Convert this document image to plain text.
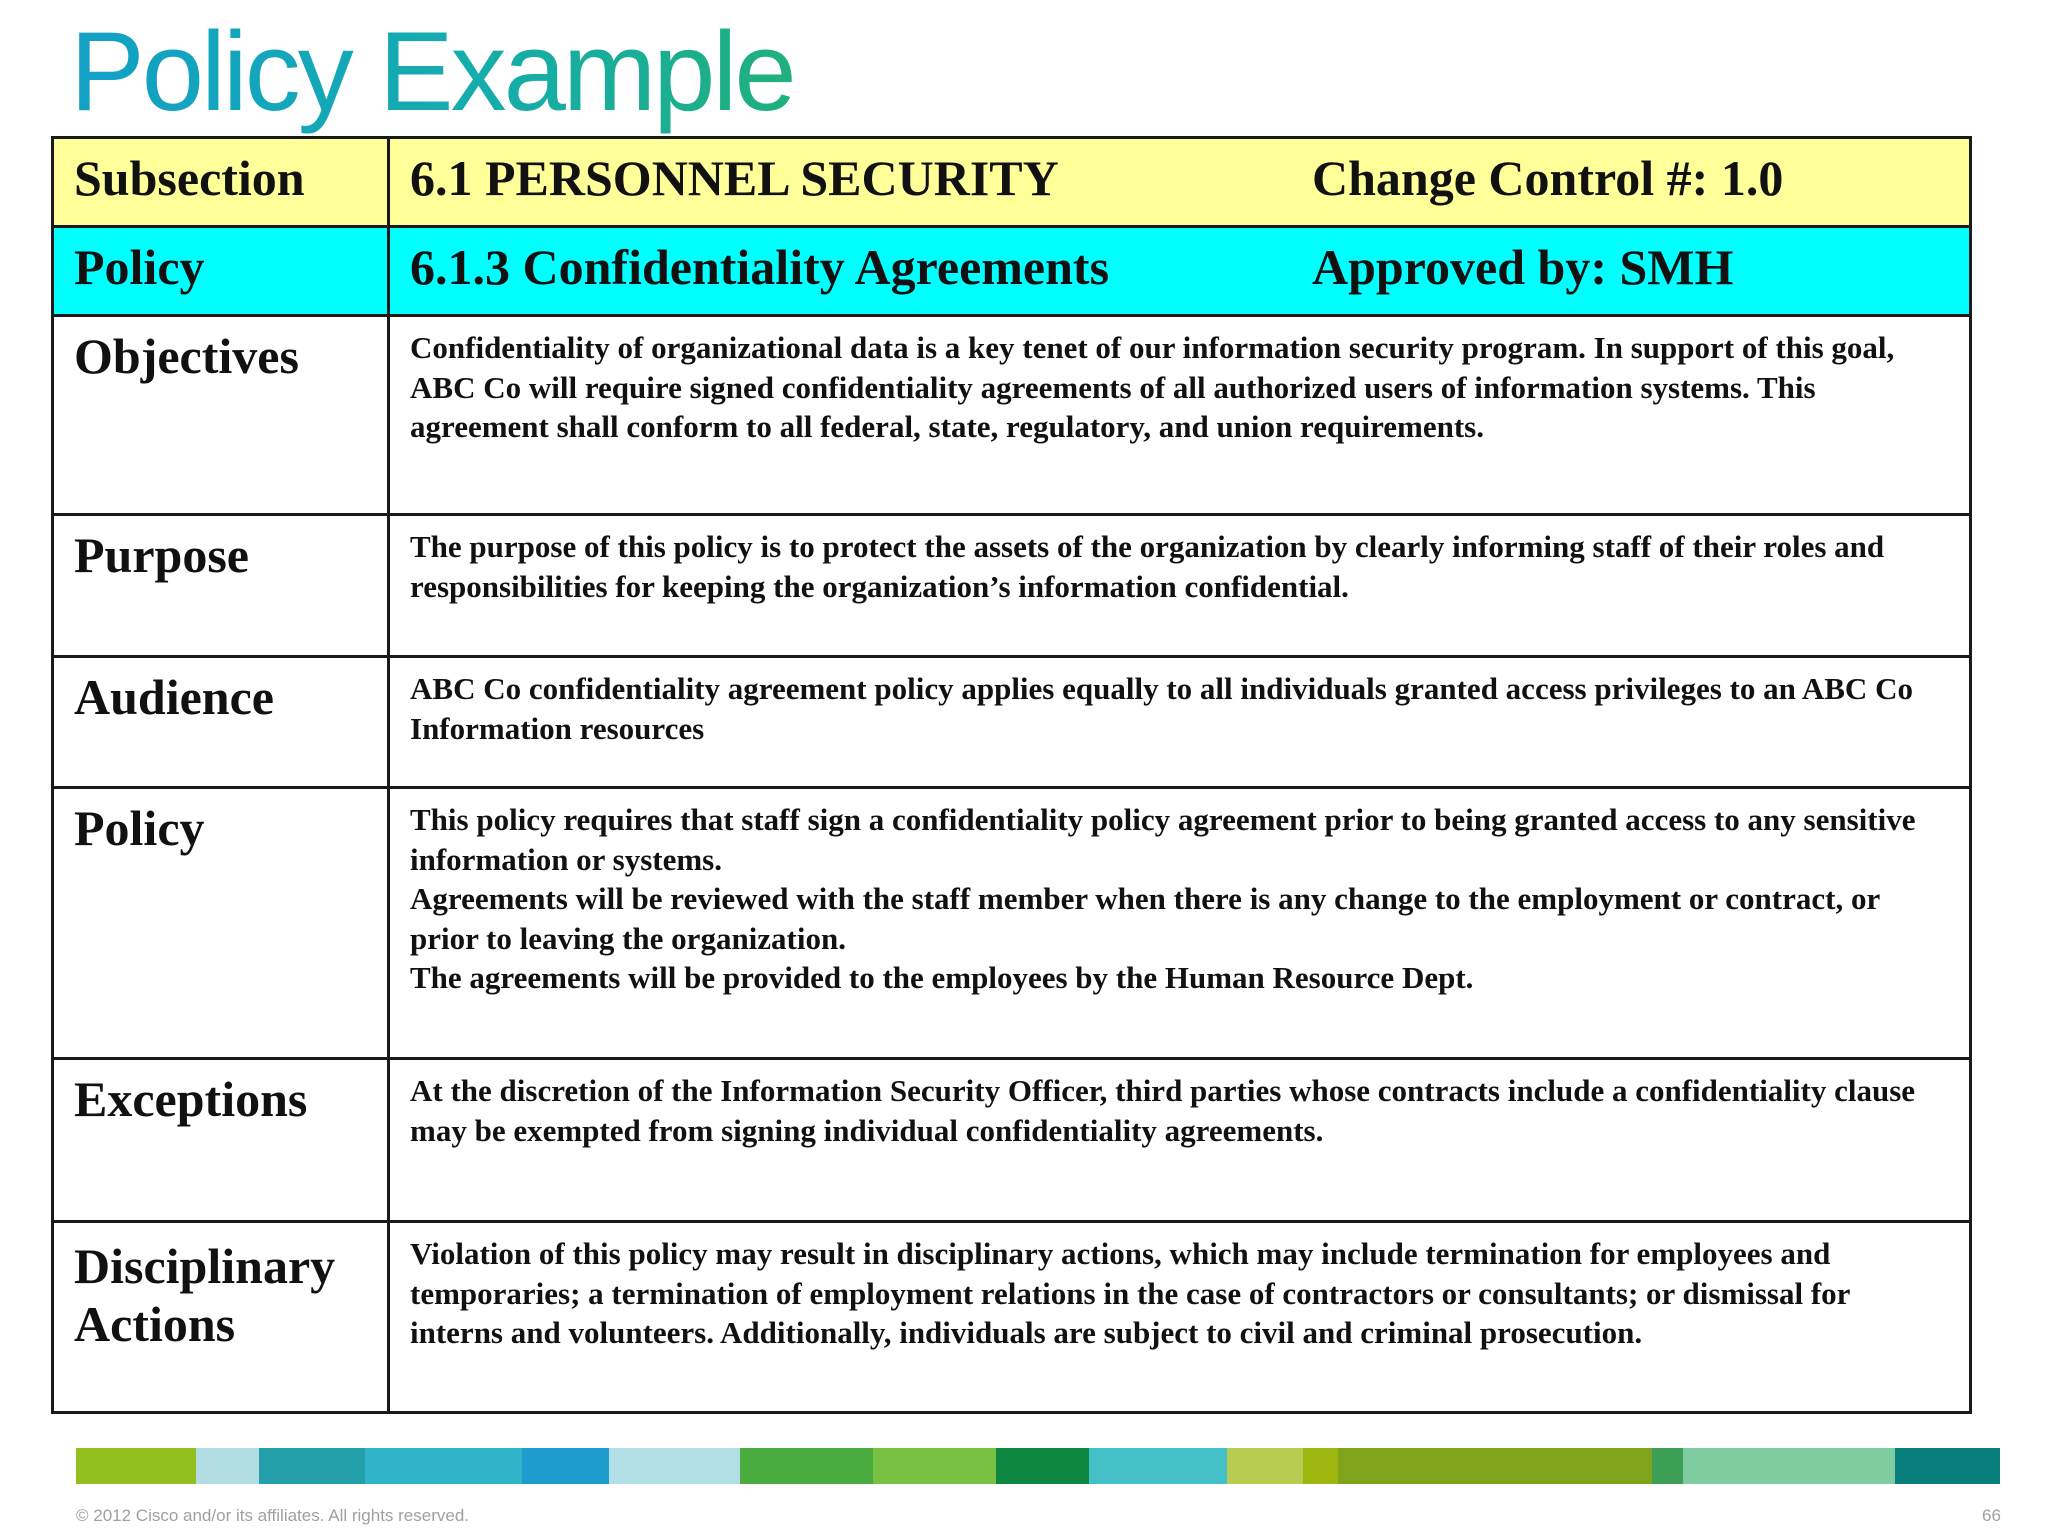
Policy Example
Subsection	6.1 PERSONNEL SECURITY Change Control #: 1.0

Policy	6.1.3 Confidentiality Agreements Approved by: SMH

Objectives	Confidentiality of organizational data is a key tenet of our information security program. In support of this goal, ABC Co will require signed confidentiality agreements of all authorized users of information systems. This agreement shall conform to all federal, state, regulatory, and union requirements.

Purpose	The purpose of this policy is to protect the assets of the organization by clearly informing staff of their roles and responsibilities for keeping the organization’s information confidential.

Audience	ABC Co confidentiality agreement policy applies equally to all individuals granted access privileges to an ABC Co Information resources

Policy	This policy requires that staff sign a confidentiality policy agreement prior to being granted access to any sensitive information or systems.
Agreements will be reviewed with the staff member when there is any change to the employment or contract, or prior to leaving the organization.
The agreements will be provided to the employees by the Human Resource Dept.

Exceptions	At the discretion of the Information Security Officer, third parties whose contracts include a confidentiality clause may be exempted from signing individual confidentiality agreements.

Disciplinary
Actions	Violation of this policy may result in disciplinary actions, which may include termination for employees and temporaries; a termination of employment relations in the case of contractors or consultants; or dismissal for interns and volunteers. Additionally, individuals are subject to civil and criminal prosecution.
© 2012 Cisco and/or its affiliates. All rights reserved.	66
